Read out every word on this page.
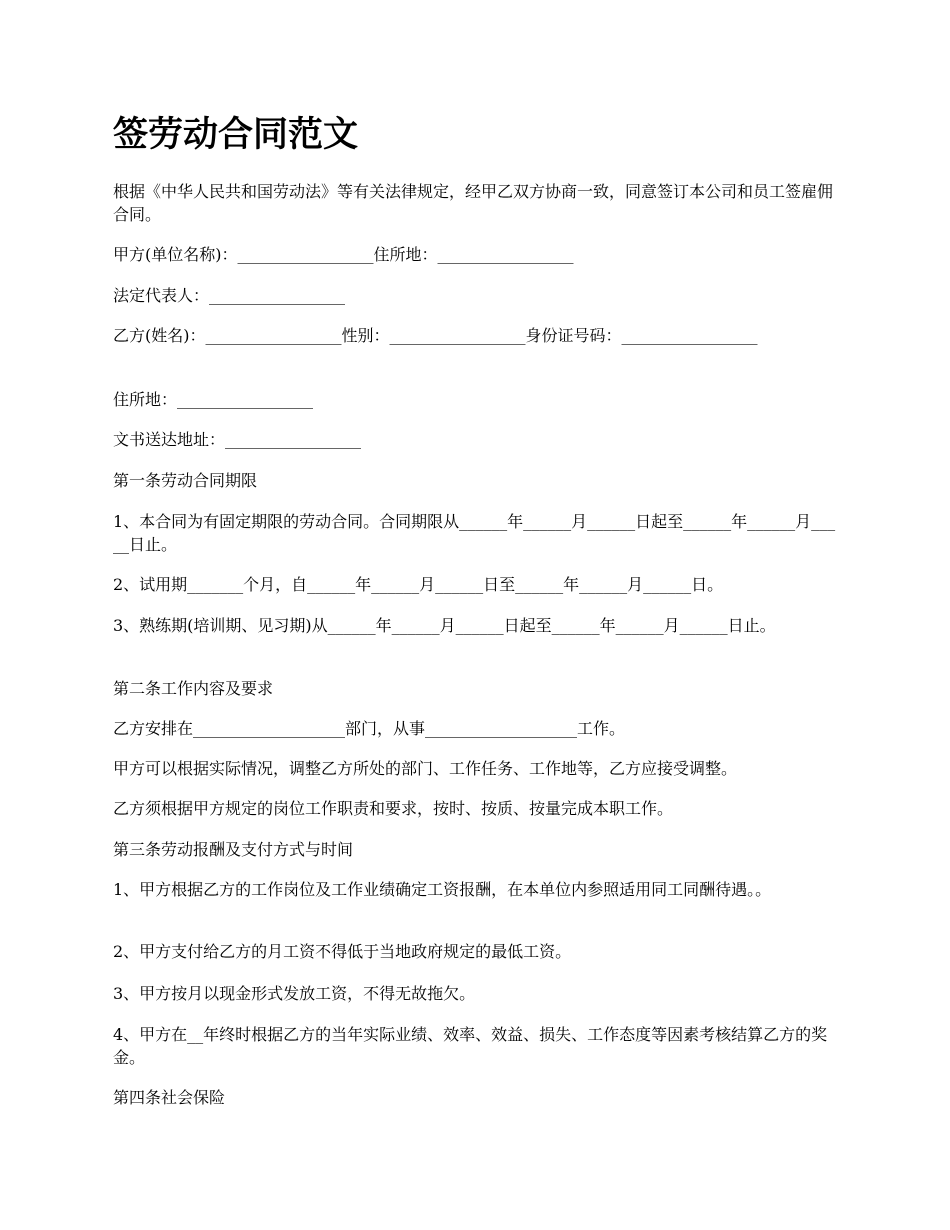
签劳动合同范文

根据《中华人民共和国劳动法》等有关法律规定，经甲乙双方协商一致，同意签订本公司和员工签雇佣合同。

甲方(单位名称)：_________________住所地：_________________

法定代表人：_________________

乙方(姓名)：_________________性别：_________________身份证号码：_________________

住所地：_________________

文书送达地址：_________________

第一条劳动合同期限

1、本合同为有固定期限的劳动合同。合同期限从______年______月______日起至______年______月_____日止。

2、试用期_______个月，自______年______月______日至______年______月______日。

3、熟练期(培训期、见习期)从______年______月______日起至______年______月______日止。

第二条工作内容及要求

乙方安排在___________________部门，从事___________________工作。

甲方可以根据实际情况，调整乙方所处的部门、工作任务、工作地等，乙方应接受调整。

乙方须根据甲方规定的岗位工作职责和要求，按时、按质、按量完成本职工作。

第三条劳动报酬及支付方式与时间

1、甲方根据乙方的工作岗位及工作业绩确定工资报酬，在本单位内参照适用同工同酬待遇。。

2、甲方支付给乙方的月工资不得低于当地政府规定的最低工资。

3、甲方按月以现金形式发放工资，不得无故拖欠。

4、甲方在__年终时根据乙方的当年实际业绩、效率、效益、损失、工作态度等因素考核结算乙方的奖金。

第四条社会保险
